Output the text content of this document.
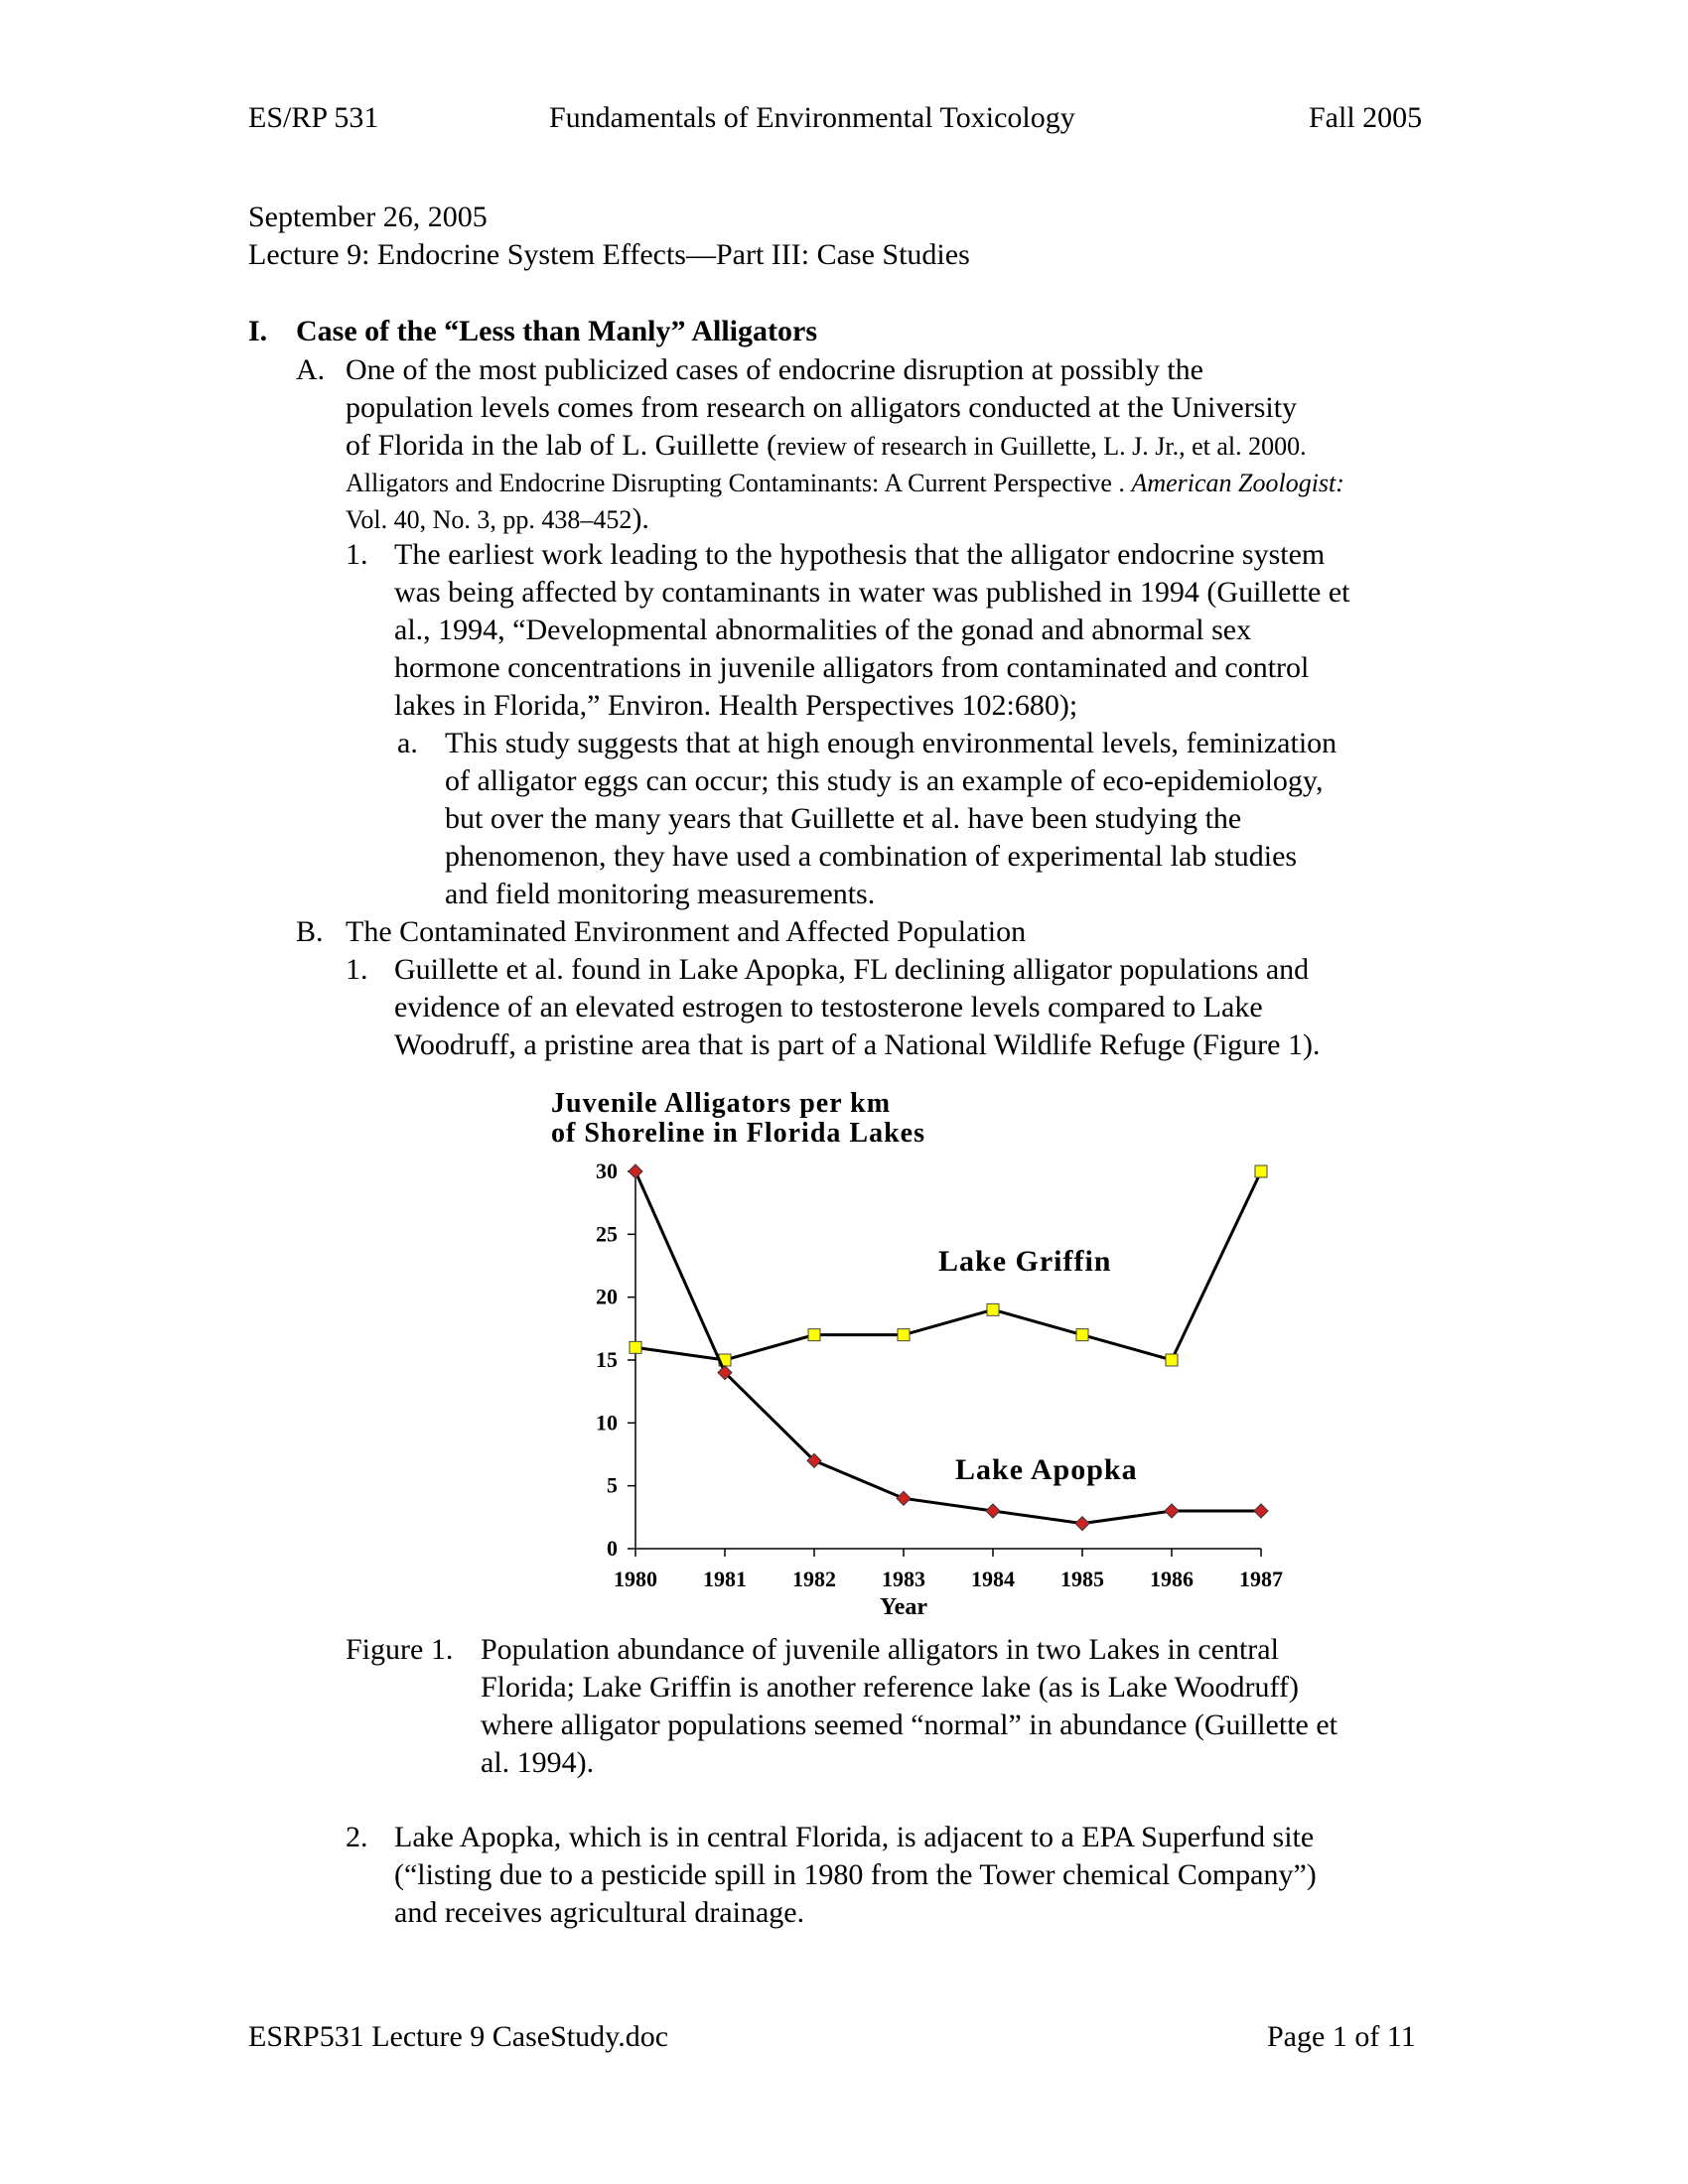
ES/RP 531	Fundamentals of Environmental Toxicology	Fall 2005
September 26, 2005
Lecture 9: Endocrine System Effects—Part III: Case Studies
I. Case of the “Less than Manly” Alligators
A. One of the most publicized cases of endocrine disruption at possibly the
population levels comes from research on alligators conducted at the University
of Florida in the lab of L. Guillette (review of research in Guillette, L. J. Jr., et al. 2000.
Alligators and Endocrine Disrupting Contaminants: A Current Perspective . American Zoologist:
Vol. 40, No. 3, pp. 438–452).
1. The earliest work leading to the hypothesis that the alligator endocrine system
was being affected by contaminants in water was published in 1994 (Guillette et
al., 1994, “Developmental abnormalities of the gonad and abnormal sex
hormone concentrations in juvenile alligators from contaminated and control
lakes in Florida,” Environ. Health Perspectives 102:680);
a. This study suggests that at high enough environmental levels, feminization
of alligator eggs can occur; this study is an example of eco-epidemiology,
but over the many years that Guillette et al. have been studying the
phenomenon, they have used a combination of experimental lab studies
and field monitoring measurements.
B. The Contaminated Environment and Affected Population
1. Guillette et al. found in Lake Apopka, FL declining alligator populations and
evidence of an elevated estrogen to testosterone levels compared to Lake
Woodruff, a pristine area that is part of a National Wildlife Refuge (Figure 1).
Juvenile Alligators per km
of Shoreline in Florida Lakes
0
5
10
15
20
25
30
1980 1981 1982 1983 1984 1985 1986 1987
Year
Lake Griffin
Lake Apopka
Figure 1. Population abundance of juvenile alligators in two Lakes in central
Florida; Lake Griffin is another reference lake (as is Lake Woodruff)
where alligator populations seemed “normal” in abundance (Guillette et
al. 1994).
2. Lake Apopka, which is in central Florida, is adjacent to a EPA Superfund site
(“listing due to a pesticide spill in 1980 from the Tower chemical Company”)
and receives agricultural drainage.
ESRP531 Lecture 9 CaseStudy.doc	Page 1 of 11
